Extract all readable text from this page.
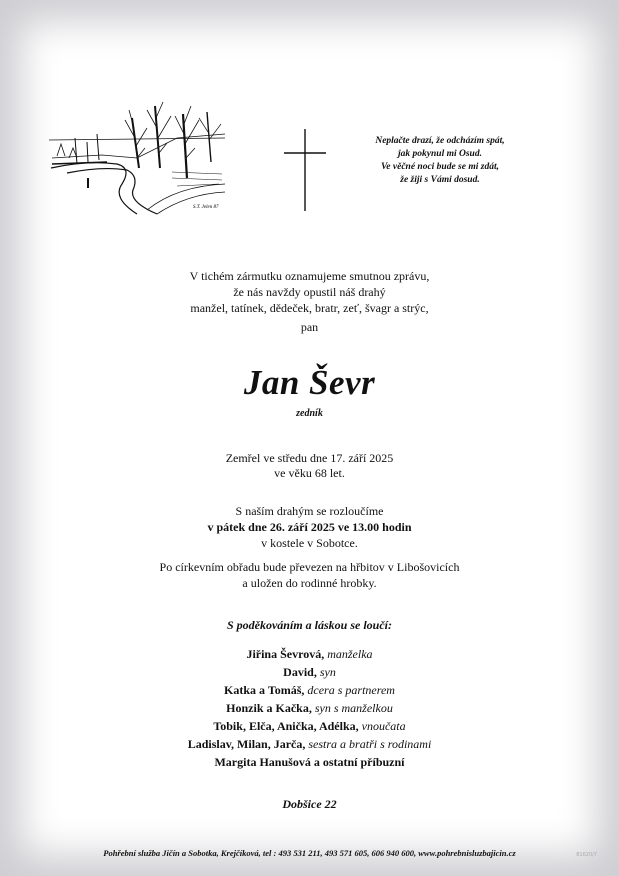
S.T. Jelen 87
Neplačte drazí, že odcházím spát,
jak pokynul mi Osud.
Ve věčné noci bude se mi zdát,
že žiji s Vámi dosud.
V tichém zármutku oznamujeme smutnou zprávu,
že nás navždy opustil náš drahý
manžel, tatínek, dědeček, bratr, zeť, švagr a strýc,
pan
Jan Ševr
zedník
Zemřel ve středu dne 17. září 2025
ve věku 68 let.
S naším drahým se rozloučíme
v pátek dne 26. září 2025 ve 13.00 hodin
v kostele v Sobotce.
Po církevním obřadu bude převezen na hřbitov v Libošovicích
a uložen do rodinné hrobky.
S poděkováním a láskou se loučí:
Jiřina Ševrová, manželka
David, syn
Katka a Tomáš, dcera s partnerem
Honzik a Kačka, syn s manželkou
Tobik, Elča, Anička, Adélka, vnoučata
Ladislav, Milan, Jarča, sestra a bratři s rodinami
Margita Hanušová a ostatní příbuzní
Dobšice 22
Pohřební služba Jičín a Sobotka, Krejčíková, tel : 493 531 211, 493 571 605, 606 940 600, www.pohrebnisluzbajicin.cz	81620/7
